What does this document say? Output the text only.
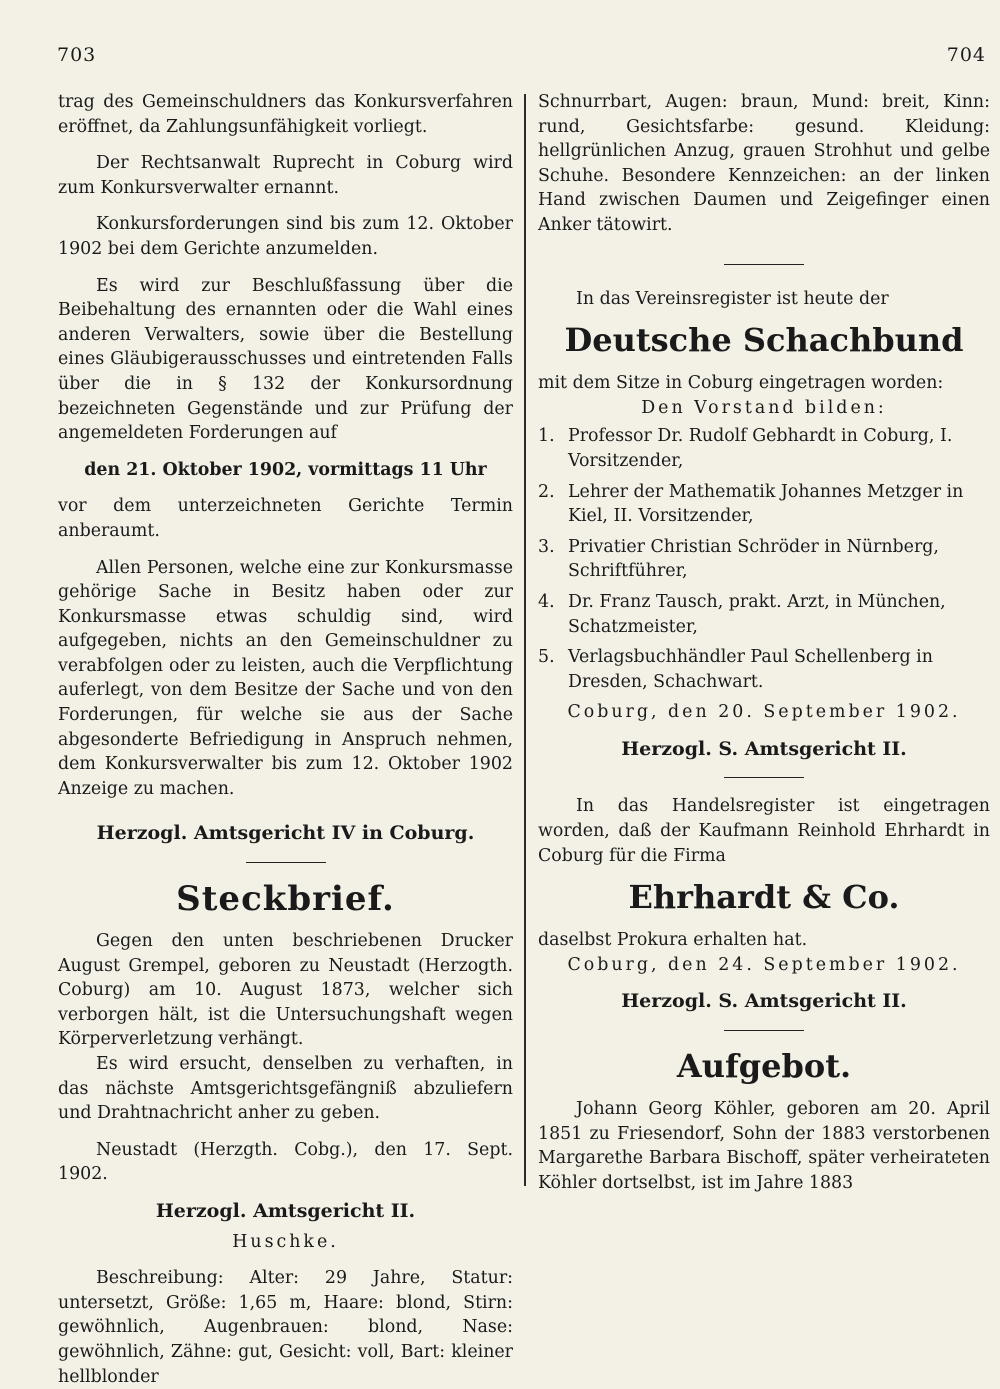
703	704

trag des Gemeinschuldners das Konkursverfahren eröffnet, da Zahlungsunfähigkeit vorliegt.

Der Rechtsanwalt Ruprecht in Coburg wird zum Konkursverwalter ernannt.

Konkursforderungen sind bis zum 12. Oktober 1902 bei dem Gerichte anzumelden.

Es wird zur Beschlußfassung über die Beibehaltung des ernannten oder die Wahl eines anderen Verwalters, sowie über die Bestellung eines Gläubigerausschusses und eintretenden Falls über die in § 132 der Konkursordnung bezeichneten Gegenstände und zur Prüfung der angemeldeten Forderungen auf

den 21. Oktober 1902, vormittags 11 Uhr

vor dem unterzeichneten Gerichte Termin anberaumt.

Allen Personen, welche eine zur Konkursmasse gehörige Sache in Besitz haben oder zur Konkursmasse etwas schuldig sind, wird aufgegeben, nichts an den Gemeinschuldner zu verabfolgen oder zu leisten, auch die Verpflichtung auferlegt, von dem Besitze der Sache und von den Forderungen, für welche sie aus der Sache abgesonderte Befriedigung in Anspruch nehmen, dem Konkursverwalter bis zum 12. Oktober 1902 Anzeige zu machen.

Herzogl. Amtsgericht IV in Coburg.
Steckbrief.

Gegen den unten beschriebenen Drucker August Grempel, geboren zu Neustadt (Herzogth. Coburg) am 10. August 1873, welcher sich verborgen hält, ist die Untersuchungshaft wegen Körperverletzung verhängt.

Es wird ersucht, denselben zu verhaften, in das nächste Amtsgerichtsgefängniß abzuliefern und Drahtnachricht anher zu geben.

Neustadt (Herzgth. Cobg.), den 17. Sept. 1902.

Herzogl. Amtsgericht II.

Huschke.

Beschreibung: Alter: 29 Jahre, Statur: untersetzt, Größe: 1,65 m, Haare: blond, Stirn: gewöhnlich, Augenbrauen: blond, Nase: gewöhnlich, Zähne: gut, Gesicht: voll, Bart: kleiner hellblonder

Schnurrbart, Augen: braun, Mund: breit, Kinn: rund, Gesichtsfarbe: gesund. Kleidung: hellgrünlichen Anzug, grauen Strohhut und gelbe Schuhe. Besondere Kennzeichen: an der linken Hand zwischen Daumen und Zeigefinger einen Anker tätowirt.

In das Vereinsregister ist heute der

Deutsche Schachbund

mit dem Sitze in Coburg eingetragen worden:

Den Vorstand bilden:

1. Professor Dr. Rudolf Gebhardt in Coburg, I. Vorsitzender,
2. Lehrer der Mathematik Johannes Metzger in Kiel, II. Vorsitzender,
3. Privatier Christian Schröder in Nürnberg, Schriftführer,
4. Dr. Franz Tausch, prakt. Arzt, in München, Schatzmeister,
5. Verlagsbuchhändler Paul Schellenberg in Dresden, Schachwart.

Coburg, den 20. September 1902.

Herzogl. S. Amtsgericht II.

In das Handelsregister ist eingetragen worden, daß der Kaufmann Reinhold Ehrhardt in Coburg für die Firma

Ehrhardt & Co.

daselbst Prokura erhalten hat.

Coburg, den 24. September 1902.

Herzogl. S. Amtsgericht II.
Aufgebot.

Johann Georg Köhler, geboren am 20. April 1851 zu Friesendorf, Sohn der 1883 verstorbenen Margarethe Barbara Bischoff, später verheirateten Köhler dortselbst, ist im Jahre 1883
